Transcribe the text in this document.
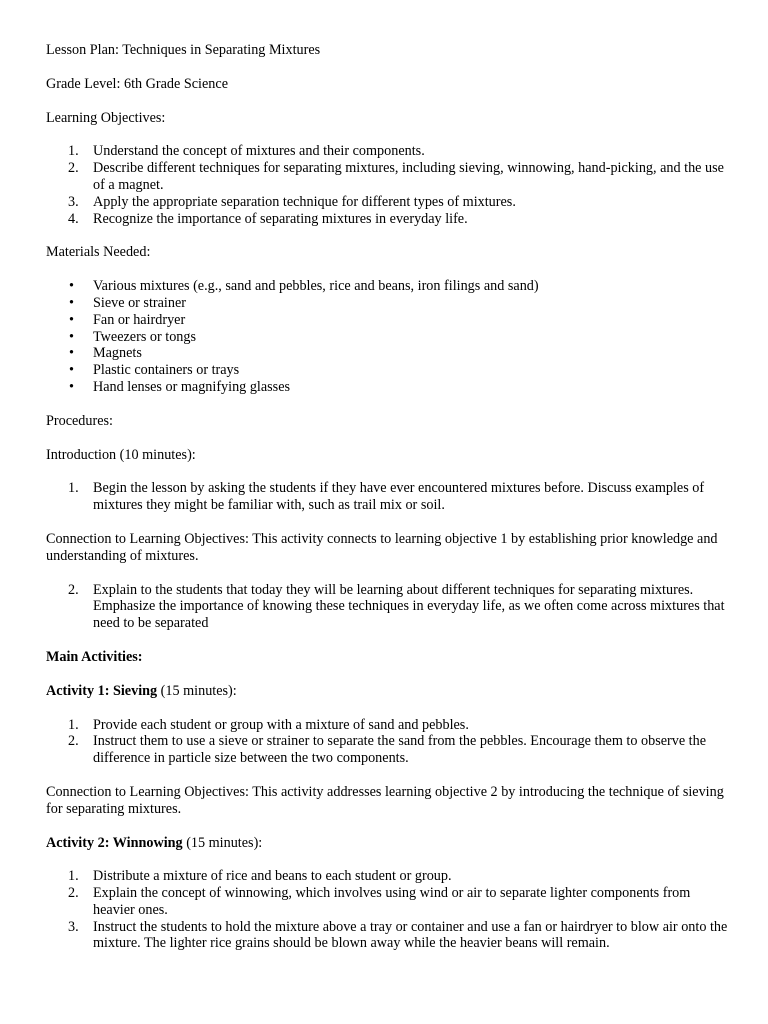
Lesson Plan: Techniques in Separating Mixtures

Grade Level: 6th Grade Science

Learning Objectives:

1. Understand the concept of mixtures and their components.
2. Describe different techniques for separating mixtures, including sieving, winnowing, hand-picking, and the use of a magnet.
3. Apply the appropriate separation technique for different types of mixtures.
4. Recognize the importance of separating mixtures in everyday life.

Materials Needed:

• Various mixtures (e.g., sand and pebbles, rice and beans, iron filings and sand)
• Sieve or strainer
• Fan or hairdryer
• Tweezers or tongs
• Magnets
• Plastic containers or trays
• Hand lenses or magnifying glasses

Procedures:

Introduction (10 minutes):

1. Begin the lesson by asking the students if they have ever encountered mixtures before. Discuss examples of mixtures they might be familiar with, such as trail mix or soil.

Connection to Learning Objectives: This activity connects to learning objective 1 by establishing prior knowledge and understanding of mixtures.

2. Explain to the students that today they will be learning about different techniques for separating mixtures. Emphasize the importance of knowing these techniques in everyday life, as we often come across mixtures that need to be separated

Main Activities:

Activity 1: Sieving (15 minutes):

1. Provide each student or group with a mixture of sand and pebbles.
2. Instruct them to use a sieve or strainer to separate the sand from the pebbles. Encourage them to observe the difference in particle size between the two components.

Connection to Learning Objectives: This activity addresses learning objective 2 by introducing the technique of sieving for separating mixtures.

Activity 2: Winnowing (15 minutes):

1. Distribute a mixture of rice and beans to each student or group.
2. Explain the concept of winnowing, which involves using wind or air to separate lighter components from heavier ones.
3. Instruct the students to hold the mixture above a tray or container and use a fan or hairdryer to blow air onto the mixture. The lighter rice grains should be blown away while the heavier beans will remain.
